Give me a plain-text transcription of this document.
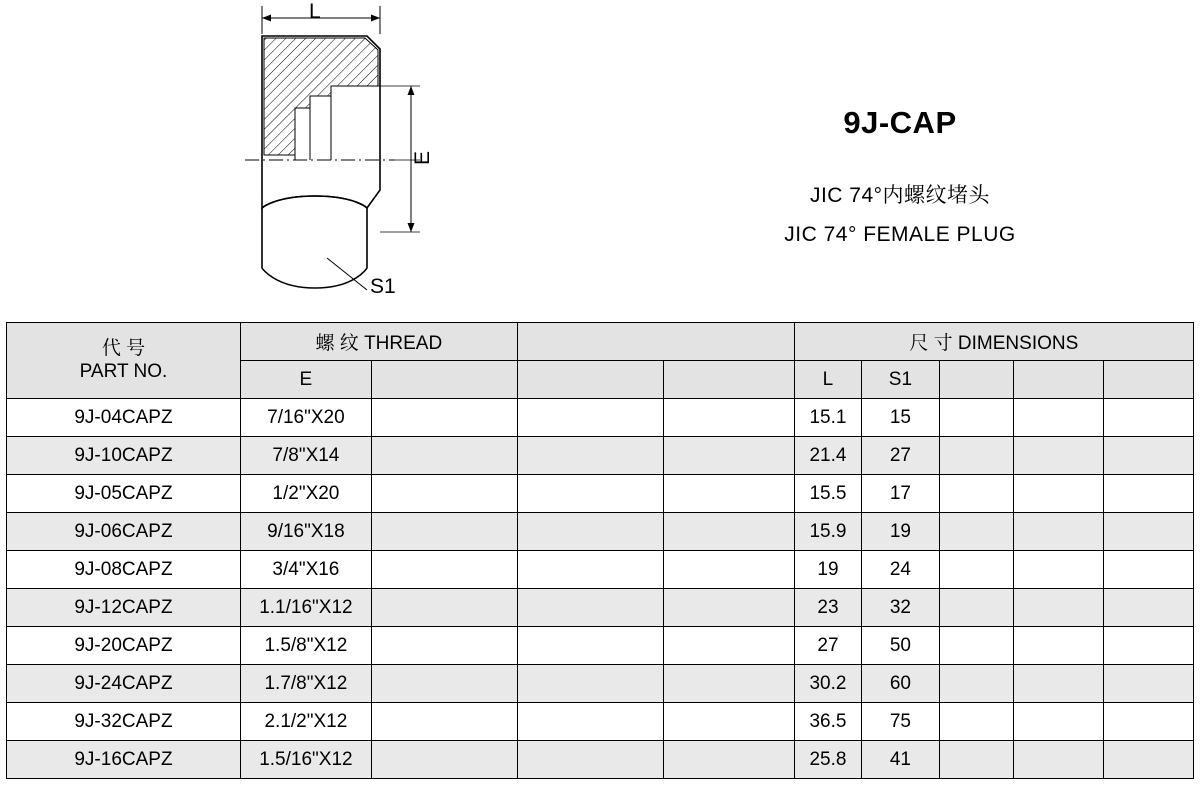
L
E
S1
9J-CAP
JIC 74°内螺纹堵头
JIC 74° FEMALE PLUG
代 号
PART NO.	螺 纹 THREAD				尺 寸 DIMENSIONS				
	E				L	S1			
9J-04CAPZ	7/16"X20				15.1	15			
9J-10CAPZ	7/8"X14				21.4	27			
9J-05CAPZ	1/2"X20				15.5	17			
9J-06CAPZ	9/16"X18				15.9	19			
9J-08CAPZ	3/4"X16				19	24			
9J-12CAPZ	1.1/16"X12				23	32			
9J-20CAPZ	1.5/8"X12				27	50			
9J-24CAPZ	1.7/8"X12				30.2	60			
9J-32CAPZ	2.1/2"X12				36.5	75			
9J-16CAPZ	1.5/16"X12				25.8	41			
